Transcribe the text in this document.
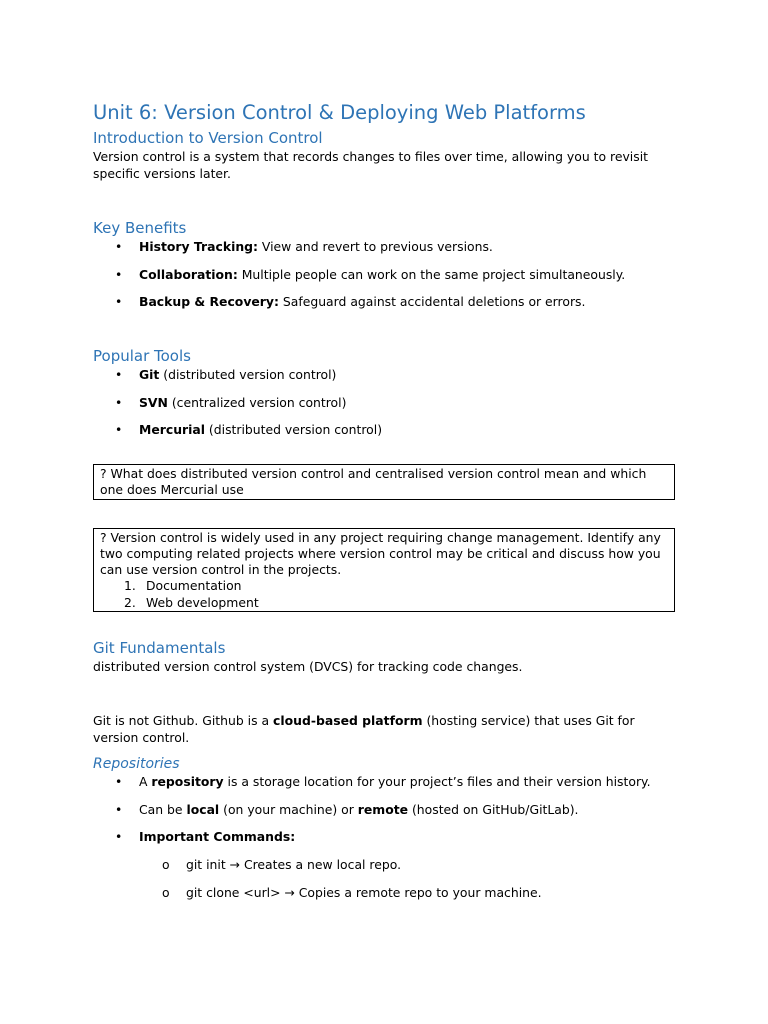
Unit 6: Version Control & Deploying Web Platforms
Introduction to Version Control

Version control is a system that records changes to files over time, allowing you to revisit specific versions later.

Key Benefits
• History Tracking: View and revert to previous versions.
• Collaboration: Multiple people can work on the same project simultaneously.
• Backup & Recovery: Safeguard against accidental deletions or errors.
Popular Tools
• Git (distributed version control)
• SVN (centralized version control)
• Mercurial (distributed version control)
? What does distributed version control and centralised version control mean and which one does Mercurial use
? Version control is widely used in any project requiring change management. Identify any two computing related projects where version control may be critical and discuss how you can use version control in the projects.
1. Documentation
2. Web development
Git Fundamentals

distributed version control system (DVCS) for tracking code changes.

Git is not Github. Github is a cloud-based platform (hosting service) that uses Git for version control.

Repositories
• A repository is a storage location for your project’s files and their version history.
• Can be local (on your machine) or remote (hosted on GitHub/GitLab).
• Important Commands:
o git init → Creates a new local repo.
o git clone <url> → Copies a remote repo to your machine.
